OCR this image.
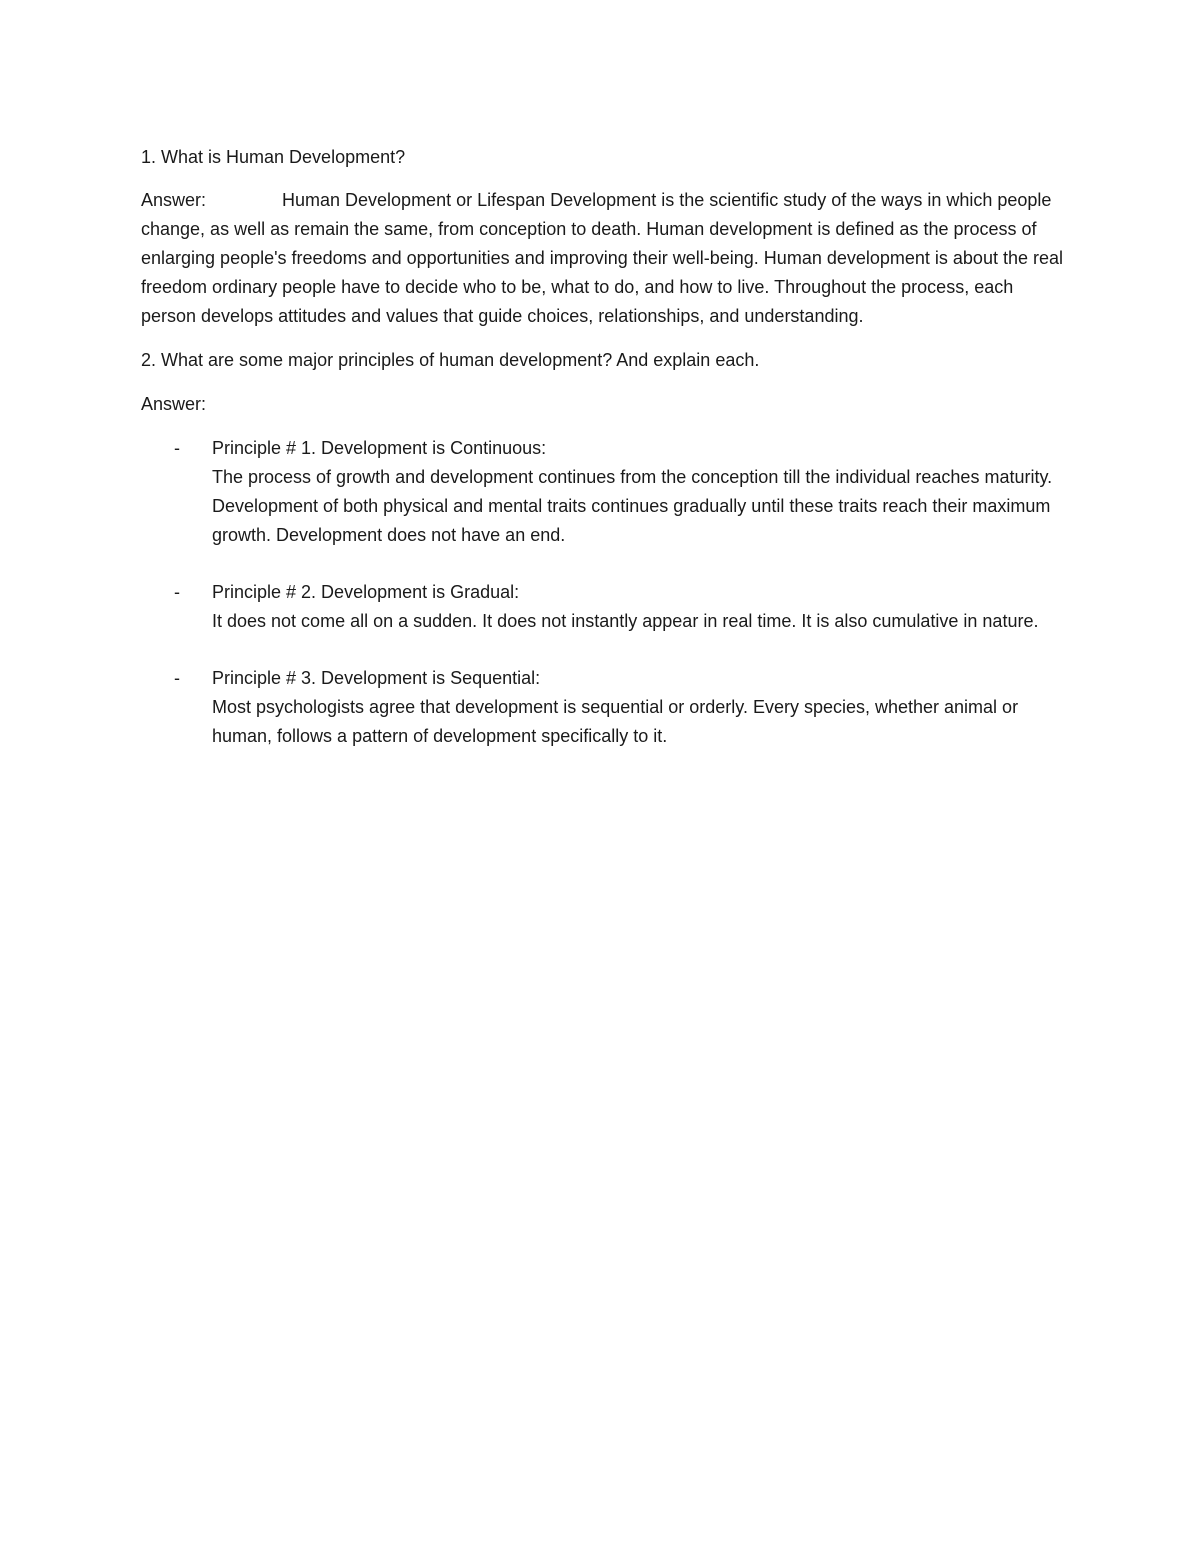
1. What is Human Development?

Answer:	Human Development or Lifespan Development is the scientific study of the ways in which people change, as well as remain the same, from conception to death. Human development is defined as the process of enlarging people's freedoms and opportunities and improving their well-being. Human development is about the real freedom ordinary people have to decide who to be, what to do, and how to live. Throughout the process, each person develops attitudes and values that guide choices, relationships, and understanding.

2. What are some major principles of human development? And explain each.

Answer:

- Principle # 1. Development is Continuous:
The process of growth and development continues from the conception till the individual reaches maturity. Development of both physical and mental traits continues gradually until these traits reach their maximum growth. Development does not have an end.
- Principle # 2. Development is Gradual:
It does not come all on a sudden. It does not instantly appear in real time. It is also cumulative in nature.
- Principle # 3. Development is Sequential:
Most psychologists agree that development is sequential or orderly. Every species, whether animal or human, follows a pattern of development specifically to it.
